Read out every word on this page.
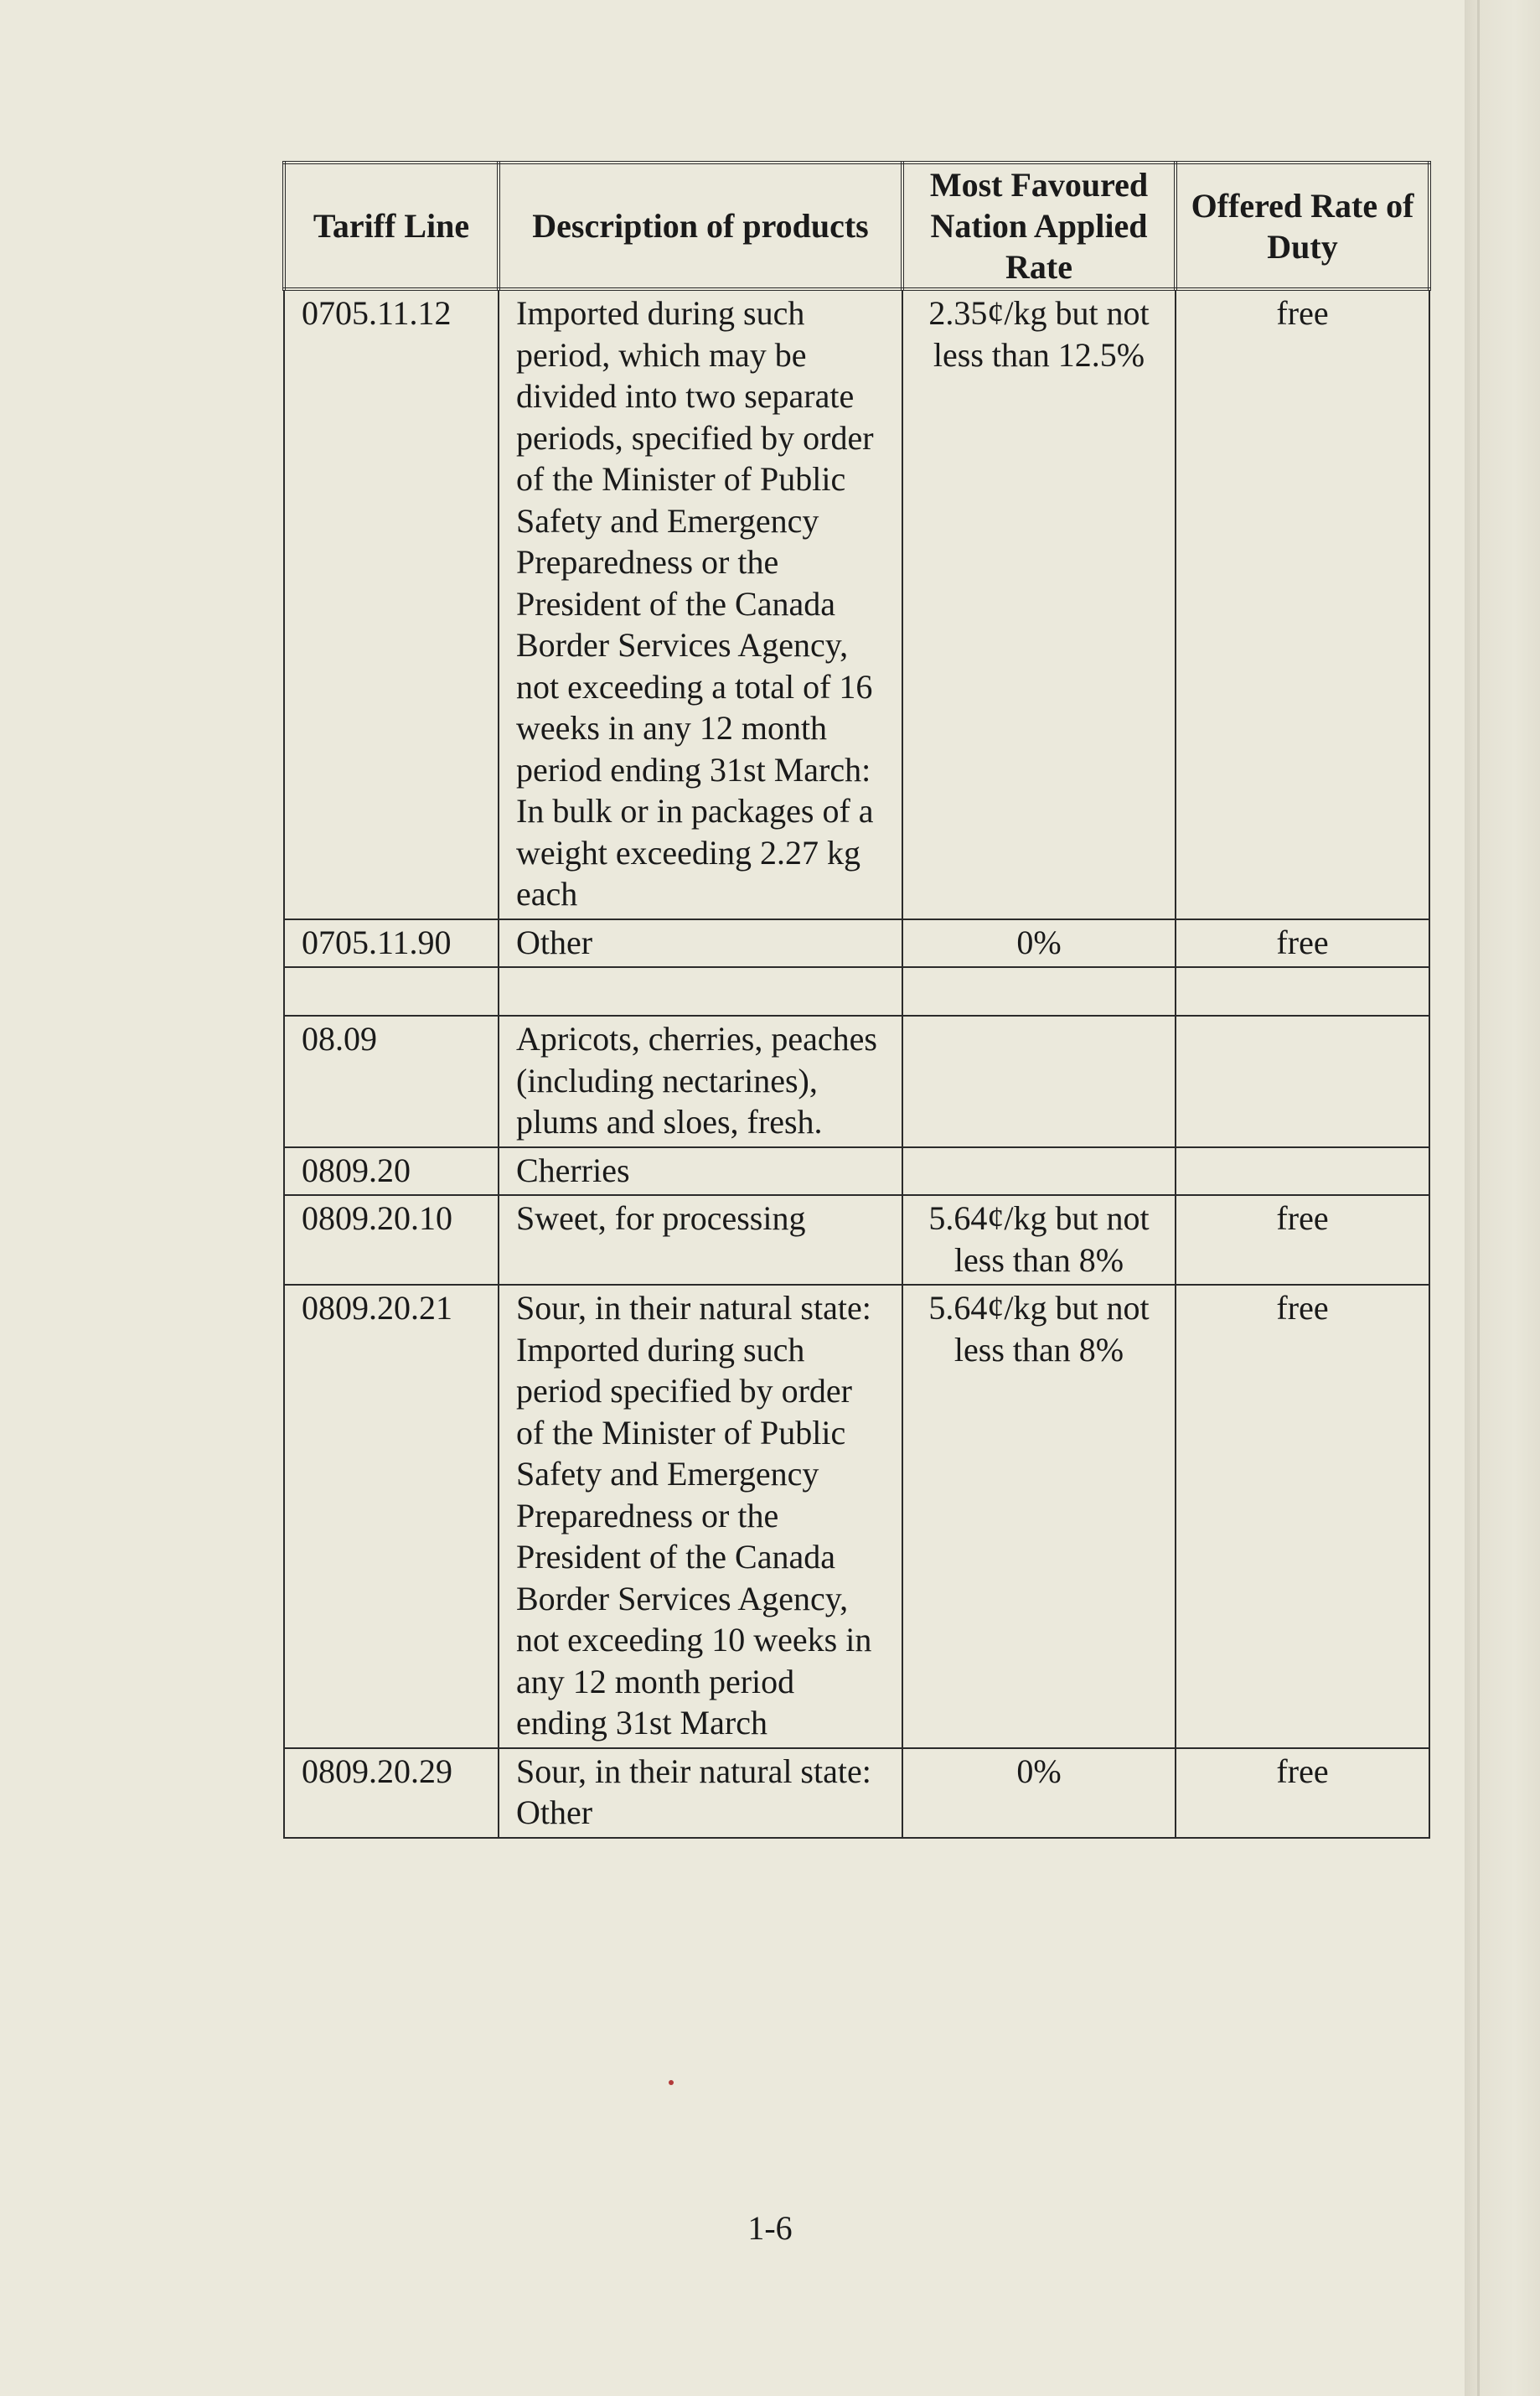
Tariff Line	Description of products	Most Favoured Nation Applied Rate	Offered Rate of Duty
0705.11.12	Imported during such period, which may be divided into two separate periods, specified by order of the Minister of Public Safety and Emergency Preparedness or the President of the Canada Border Services Agency, not exceeding a total of 16 weeks in any 12 month period ending 31st March: In bulk or in packages of a weight exceeding 2.27 kg each	2.35¢/kg but not less than 12.5%	free
0705.11.90	Other	0%	free

08.09	Apricots, cherries, peaches (including nectarines), plums and sloes, fresh.		
0809.20	Cherries		
0809.20.10	Sweet, for processing	5.64¢/kg but not less than 8%	free
0809.20.21	Sour, in their natural state: Imported during such period specified by order of the Minister of Public Safety and Emergency Preparedness or the President of the Canada Border Services Agency, not exceeding 10 weeks in any 12 month period ending 31st March	5.64¢/kg but not less than 8%	free
0809.20.29	Sour, in their natural state: Other	0%	free
1-6
